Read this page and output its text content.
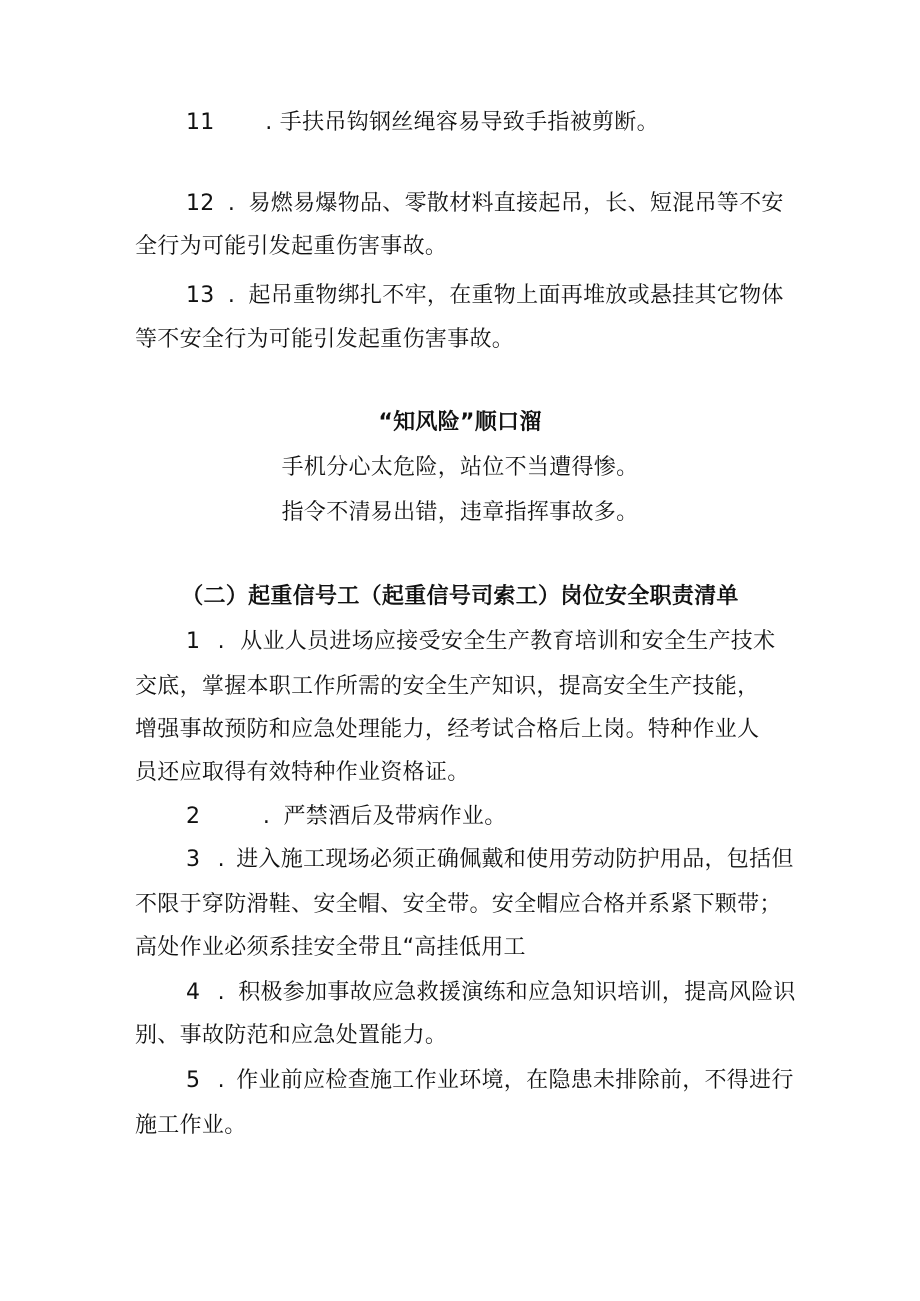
11 . 手扶吊钩钢丝绳容易导致手指被剪断。
12 . 易燃易爆物品、零散材料直接起吊，长、短混吊等不安
全行为可能引发起重伤害事故。
13 . 起吊重物绑扎不牢，在重物上面再堆放或悬挂其它物体
等不安全行为可能引发起重伤害事故。
“知风险”顺口溜
手机分心太危险，站位不当遭得惨。
指令不清易出错，违章指挥事故多。
（二）起重信号工（起重信号司索工）岗位安全职责清单
1 . 从业人员进场应接受安全生产教育培训和安全生产技术
交底，掌握本职工作所需的安全生产知识，提高安全生产技能，
增强事故预防和应急处理能力，经考试合格后上岗。特种作业人
员还应取得有效特种作业资格证。
2	. 严禁酒后及带病作业。
3 . 进入施工现场必须正确佩戴和使用劳动防护用品，包括但
不限于穿防滑鞋、安全帽、安全带。安全帽应合格并系紧下颗带；
高处作业必须系挂安全带且“高挂低用工
4 . 积极参加事故应急救援演练和应急知识培训，提高风险识
别、事故防范和应急处置能力。
5 . 作业前应检查施工作业环境，在隐患未排除前，不得进行
施工作业。
